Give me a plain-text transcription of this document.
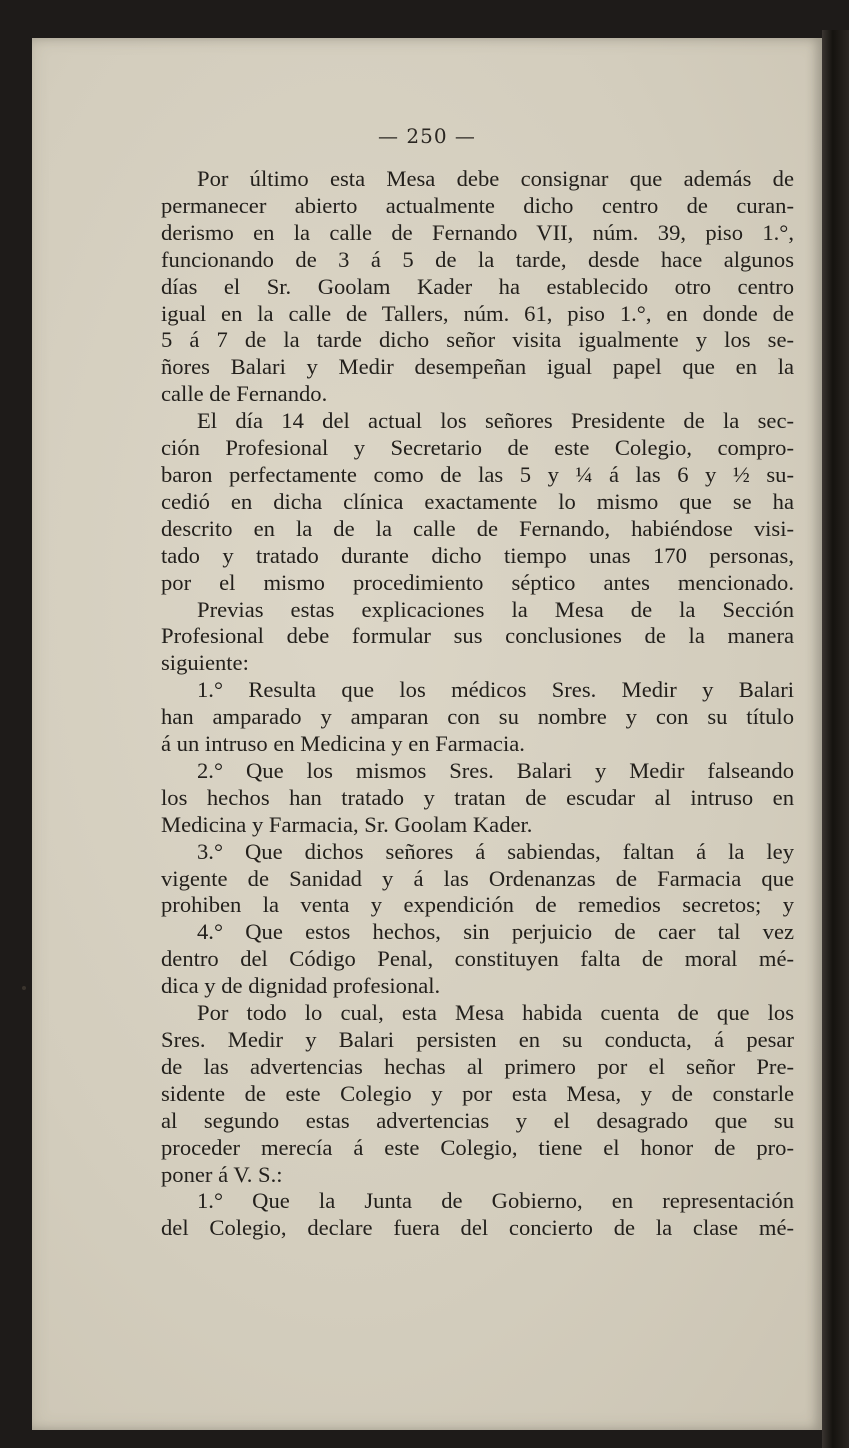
— 250 —
Por último esta Mesa debe consignar que además de
permanecer abierto actualmente dicho centro de curan-
derismo en la calle de Fernando VII, núm. 39, piso 1.°,
funcionando de 3 á 5 de la tarde, desde hace algunos
días el Sr. Goolam Kader ha establecido otro centro
igual en la calle de Tallers, núm. 61, piso 1.°, en donde de
5 á 7 de la tarde dicho señor visita igualmente y los se-
ñores Balari y Medir desempeñan igual papel que en la
calle de Fernando.
El día 14 del actual los señores Presidente de la sec-
ción Profesional y Secretario de este Colegio, compro-
baron perfectamente como de las 5 y ¼ á las 6 y ½ su-
cedió en dicha clínica exactamente lo mismo que se ha
descrito en la de la calle de Fernando, habiéndose visi-
tado y tratado durante dicho tiempo unas 170 personas,
por el mismo procedimiento séptico antes mencionado.
Previas estas explicaciones la Mesa de la Sección
Profesional debe formular sus conclusiones de la manera
siguiente:
1.° Resulta que los médicos Sres. Medir y Balari
han amparado y amparan con su nombre y con su título
á un intruso en Medicina y en Farmacia.
2.° Que los mismos Sres. Balari y Medir falseando
los hechos han tratado y tratan de escudar al intruso en
Medicina y Farmacia, Sr. Goolam Kader.
3.° Que dichos señores á sabiendas, faltan á la ley
vigente de Sanidad y á las Ordenanzas de Farmacia que
prohiben la venta y expendición de remedios secretos; y
4.° Que estos hechos, sin perjuicio de caer tal vez
dentro del Código Penal, constituyen falta de moral mé-
dica y de dignidad profesional.
Por todo lo cual, esta Mesa habida cuenta de que los
Sres. Medir y Balari persisten en su conducta, á pesar
de las advertencias hechas al primero por el señor Pre-
sidente de este Colegio y por esta Mesa, y de constarle
al segundo estas advertencias y el desagrado que su
proceder merecía á este Colegio, tiene el honor de pro-
poner á V. S.:
1.° Que la Junta de Gobierno, en representación
del Colegio, declare fuera del concierto de la clase mé-
